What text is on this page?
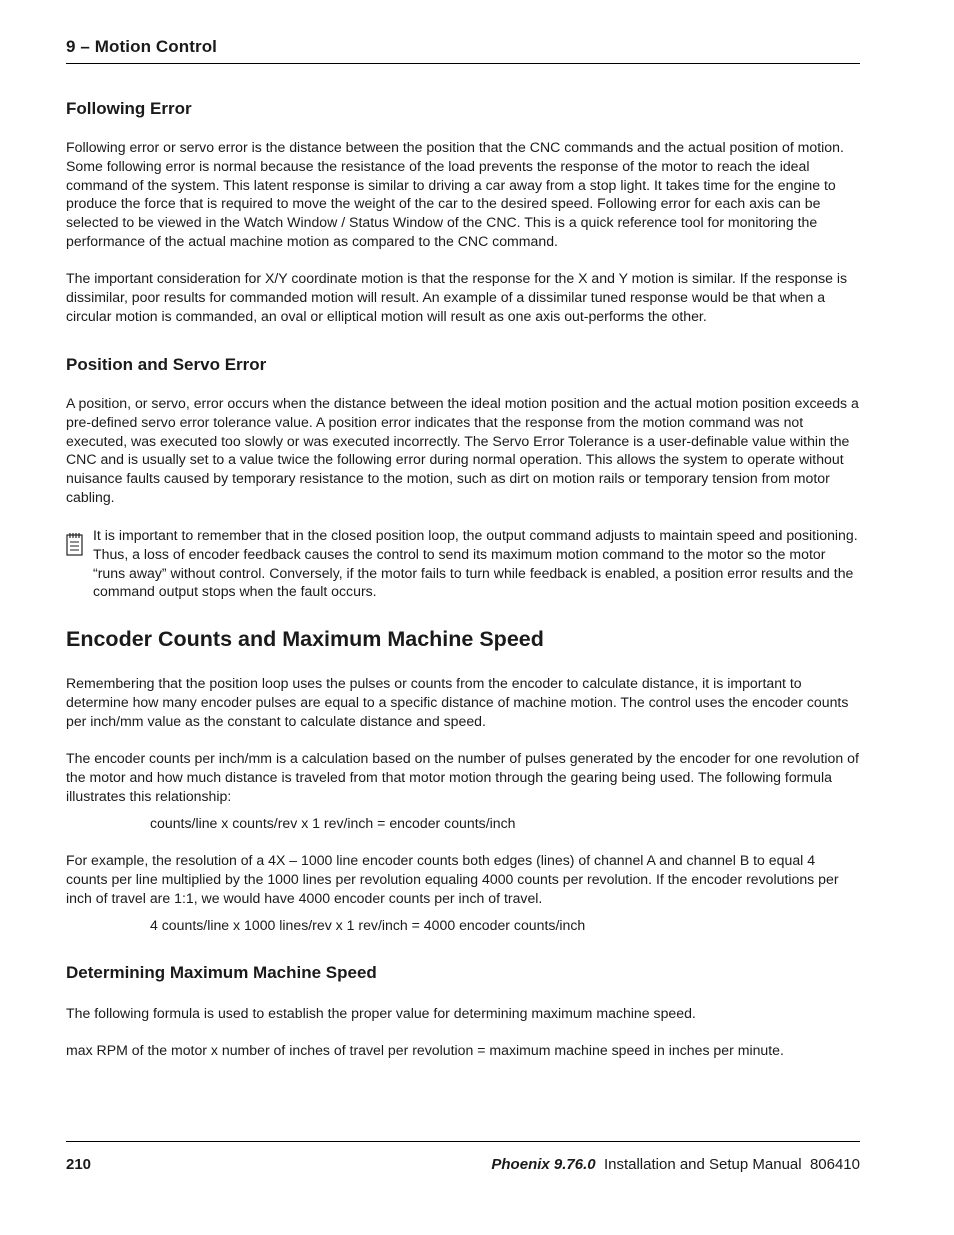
9 – Motion Control
Following Error
Following error or servo error is the distance between the position that the CNC commands and the actual position of motion. Some following error is normal because the resistance of the load prevents the response of the motor to reach the ideal command of the system. This latent response is similar to driving a car away from a stop light. It takes time for the engine to produce the force that is required to move the weight of the car to the desired speed. Following error for each axis can be selected to be viewed in the Watch Window / Status Window of the CNC. This is a quick reference tool for monitoring the performance of the actual machine motion as compared to the CNC command.
The important consideration for X/Y coordinate motion is that the response for the X and Y motion is similar. If the response is dissimilar, poor results for commanded motion will result. An example of a dissimilar tuned response would be that when a circular motion is commanded, an oval or elliptical motion will result as one axis out-performs the other.
Position and Servo Error
A position, or servo, error occurs when the distance between the ideal motion position and the actual motion position exceeds a pre-defined servo error tolerance value. A position error indicates that the response from the motion command was not executed, was executed too slowly or was executed incorrectly. The Servo Error Tolerance is a user-definable value within the CNC and is usually set to a value twice the following error during normal operation. This allows the system to operate without nuisance faults caused by temporary resistance to the motion, such as dirt on motion rails or temporary tension from motor cabling.
It is important to remember that in the closed position loop, the output command adjusts to maintain speed and positioning. Thus, a loss of encoder feedback causes the control to send its maximum motion command to the motor so the motor “runs away” without control. Conversely, if the motor fails to turn while feedback is enabled, a position error results and the command output stops when the fault occurs.
Encoder Counts and Maximum Machine Speed
Remembering that the position loop uses the pulses or counts from the encoder to calculate distance, it is important to determine how many encoder pulses are equal to a specific distance of machine motion. The control uses the encoder counts per inch/mm value as the constant to calculate distance and speed.
The encoder counts per inch/mm is a calculation based on the number of pulses generated by the encoder for one revolution of the motor and how much distance is traveled from that motor motion through the gearing being used. The following formula illustrates this relationship:
counts/line x counts/rev x 1 rev/inch = encoder counts/inch
For example, the resolution of a 4X – 1000 line encoder counts both edges (lines) of channel A and channel B to equal 4 counts per line multiplied by the 1000 lines per revolution equaling 4000 counts per revolution. If the encoder revolutions per inch of travel are 1:1, we would have 4000 encoder counts per inch of travel.
4 counts/line x 1000 lines/rev x 1 rev/inch = 4000 encoder counts/inch
Determining Maximum Machine Speed
The following formula is used to establish the proper value for determining maximum machine speed.
max RPM of the motor x number of inches of travel per revolution = maximum machine speed in inches per minute.
210	Phoenix 9.76.0 Installation and Setup Manual 806410
